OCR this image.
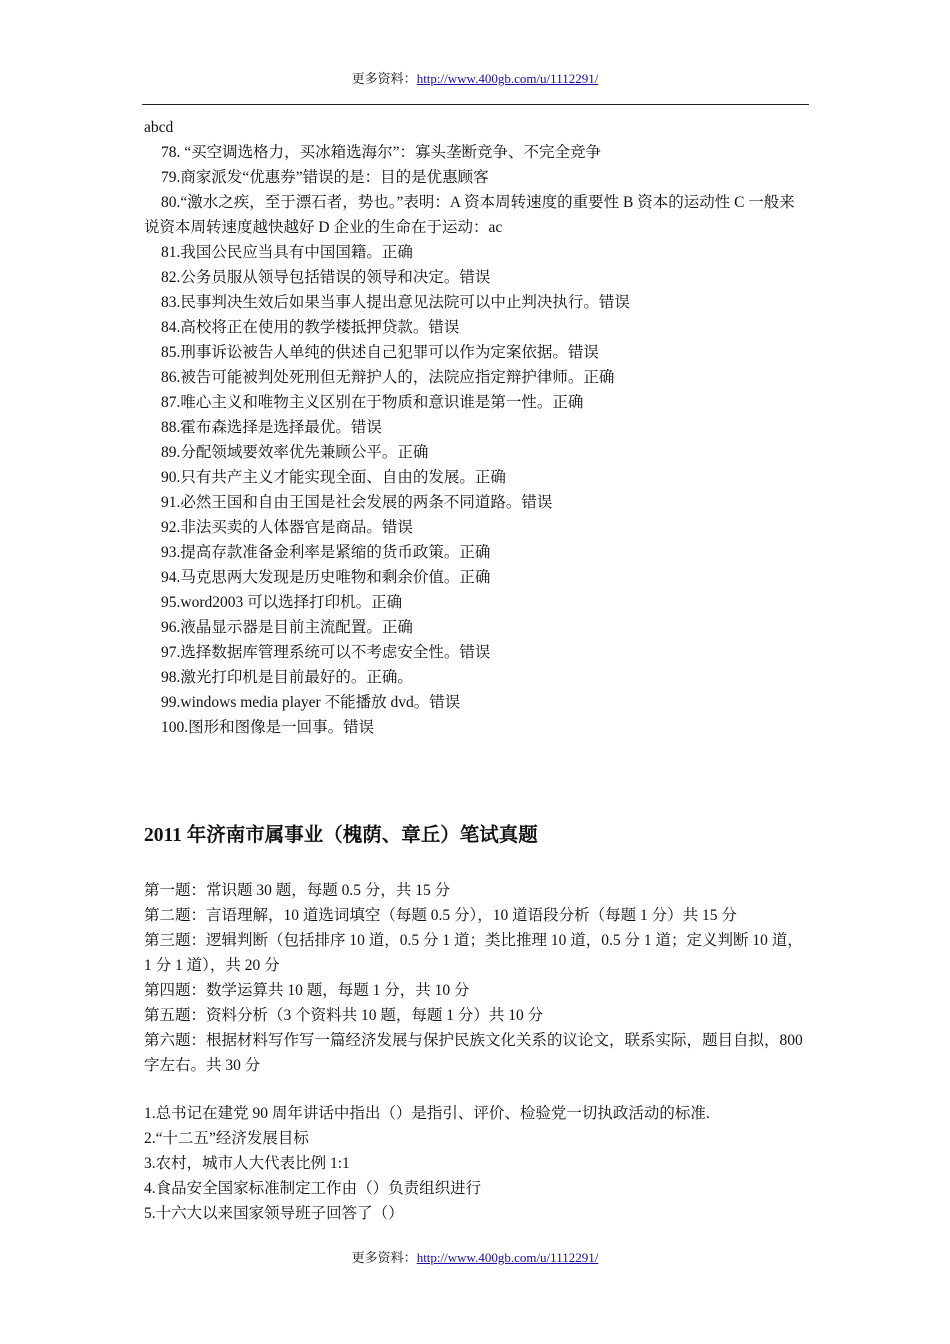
更多资料：http://www.400gb.com/u/1112291/

abcd

78. “买空调选格力，买冰箱选海尔”：寡头垄断竞争、不完全竞争

79.商家派发“优惠券”错误的是：目的是优惠顾客

80.“激水之疾，至于漂石者，势也。”表明：A 资本周转速度的重要性 B 资本的运动性 C 一般来说资本周转速度越快越好 D 企业的生命在于运动：ac

81.我国公民应当具有中国国籍。正确

82.公务员服从领导包括错误的领导和决定。错误

83.民事判决生效后如果当事人提出意见法院可以中止判决执行。错误

84.高校将正在使用的教学楼抵押贷款。错误

85.刑事诉讼被告人单纯的供述自己犯罪可以作为定案依据。错误

86.被告可能被判处死刑但无辩护人的，法院应指定辩护律师。正确

87.唯心主义和唯物主义区别在于物质和意识谁是第一性。正确

88.霍布森选择是选择最优。错误

89.分配领域要效率优先兼顾公平。正确

90.只有共产主义才能实现全面、自由的发展。正确

91.必然王国和自由王国是社会发展的两条不同道路。错误

92.非法买卖的人体器官是商品。错误

93.提高存款准备金利率是紧缩的货币政策。正确

94.马克思两大发现是历史唯物和剩余价值。正确

95.word2003 可以选择打印机。正确

96.液晶显示器是目前主流配置。正确

97.选择数据库管理系统可以不考虑安全性。错误

98.激光打印机是目前最好的。正确。

99.windows media player 不能播放 dvd。错误

100.图形和图像是一回事。错误

2011 年济南市属事业（槐荫、章丘）笔试真题

第一题：常识题 30 题，每题 0.5 分，共 15 分

第二题：言语理解，10 道选词填空（每题 0.5 分），10 道语段分析（每题 1 分）共 15 分

第三题：逻辑判断（包括排序 10 道，0.5 分 1 道；类比推理 10 道，0.5 分 1 道；定义判断 10 道，1 分 1 道），共 20 分

第四题：数学运算共 10 题，每题 1 分，共 10 分

第五题：资料分析（3 个资料共 10 题，每题 1 分）共 10 分

第六题：根据材料写作写一篇经济发展与保护民族文化关系的议论文，联系实际，题目自拟，800 字左右。共 30 分

1.总书记在建党 90 周年讲话中指出（）是指引、评价、检验党一切执政活动的标准.

2.“十二五”经济发展目标

3.农村，城市人大代表比例 1:1

4.食品安全国家标准制定工作由（）负责组织进行

5.十六大以来国家领导班子回答了（）

更多资料：http://www.400gb.com/u/1112291/
